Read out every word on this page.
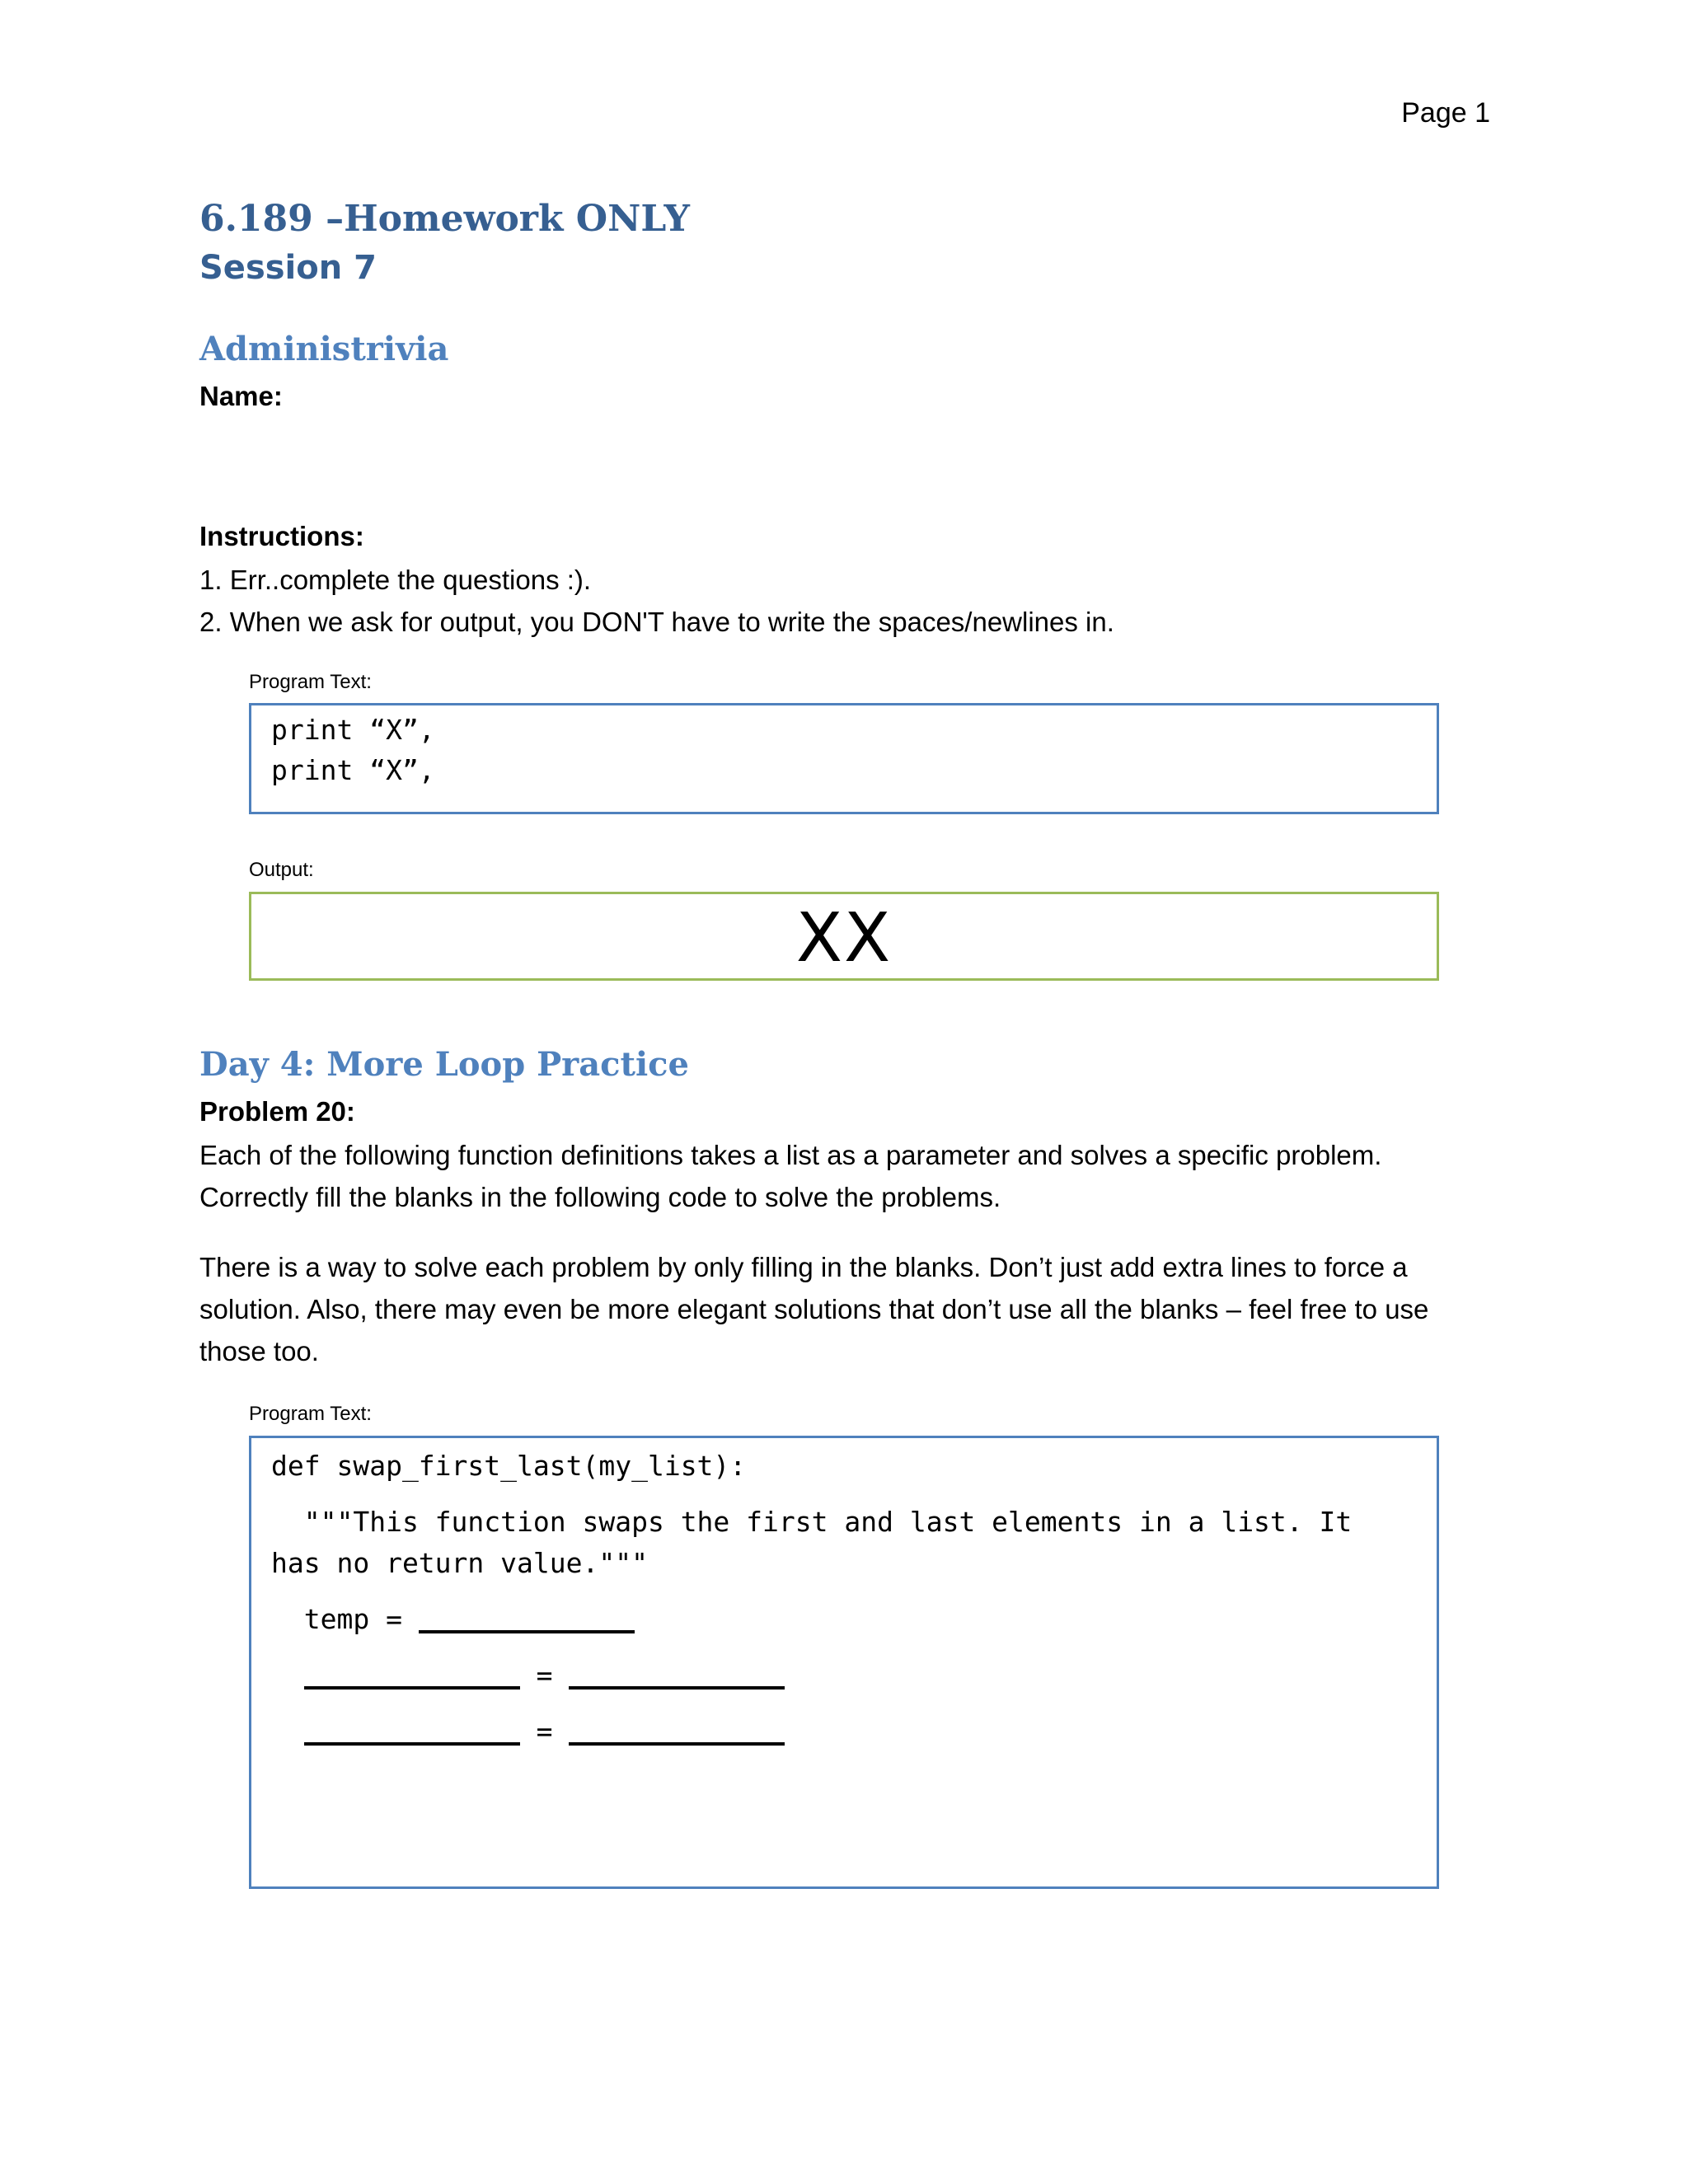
Page 1
6.189 –Homework ONLY
Session 7
Administrivia
Name:
Instructions:
1. Err..complete the questions :).
2. When we ask for output, you DON'T have to write the spaces/newlines in.
Program Text:
print “X”,
print “X”,
Output:
XX
Day 4: More Loop Practice
Problem 20:
Each of the following function definitions takes a list as a parameter and solves a specific problem.
Correctly fill the blanks in the following code to solve the problems.
There is a way to solve each problem by only filling in the blanks. Don’t just add extra lines to force a
solution. Also, there may even be more elegant solutions that don’t use all the blanks – feel free to use
those too.
Program Text:
def swap_first_last(my_list):
"""This function swaps the first and last elements in a list. It
has no return value."""
temp =
=
=
